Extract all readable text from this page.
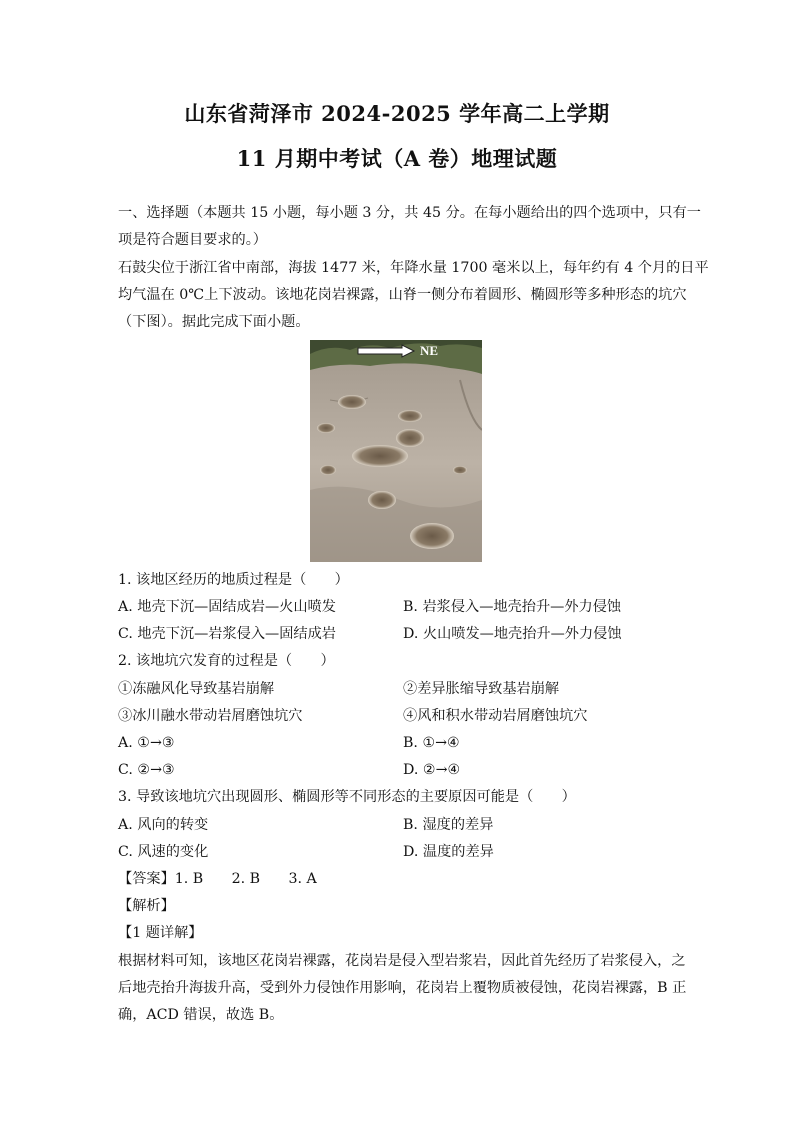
山东省菏泽市 2024-2025 学年高二上学期
11 月期中考试（A 卷）地理试题
一、选择题（本题共 15 小题，每小题 3 分，共 45 分。在每小题给出的四个选项中，只有一
项是符合题目要求的。）
石鼓尖位于浙江省中南部，海拔 1477 米，年降水量 1700 毫米以上，每年约有 4 个月的日平
均气温在 0℃上下波动。该地花岗岩裸露，山脊一侧分布着圆形、椭圆形等多种形态的坑穴
（下图）。据此完成下面小题。
NE
1. 该地区经历的地质过程是（　　）
A. 地壳下沉—固结成岩—火山喷发	B. 岩浆侵入—地壳抬升—外力侵蚀
C. 地壳下沉—岩浆侵入—固结成岩	D. 火山喷发—地壳抬升—外力侵蚀
2. 该地坑穴发育的过程是（　　）
①冻融风化导致基岩崩解	②差异胀缩导致基岩崩解
③冰川融水带动岩屑磨蚀坑穴	④风和积水带动岩屑磨蚀坑穴
A. ①→③	B. ①→④
C. ②→③	D. ②→④
3. 导致该地坑穴出现圆形、椭圆形等不同形态的主要原因可能是（　　）
A. 风向的转变	B. 湿度的差异
C. 风速的变化	D. 温度的差异
【答案】1. B　　2. B　　3. A
【解析】
【1 题详解】
根据材料可知，该地区花岗岩裸露，花岗岩是侵入型岩浆岩，因此首先经历了岩浆侵入，之
后地壳抬升海拔升高，受到外力侵蚀作用影响，花岗岩上覆物质被侵蚀，花岗岩裸露，B 正
确，ACD 错误，故选 B。
